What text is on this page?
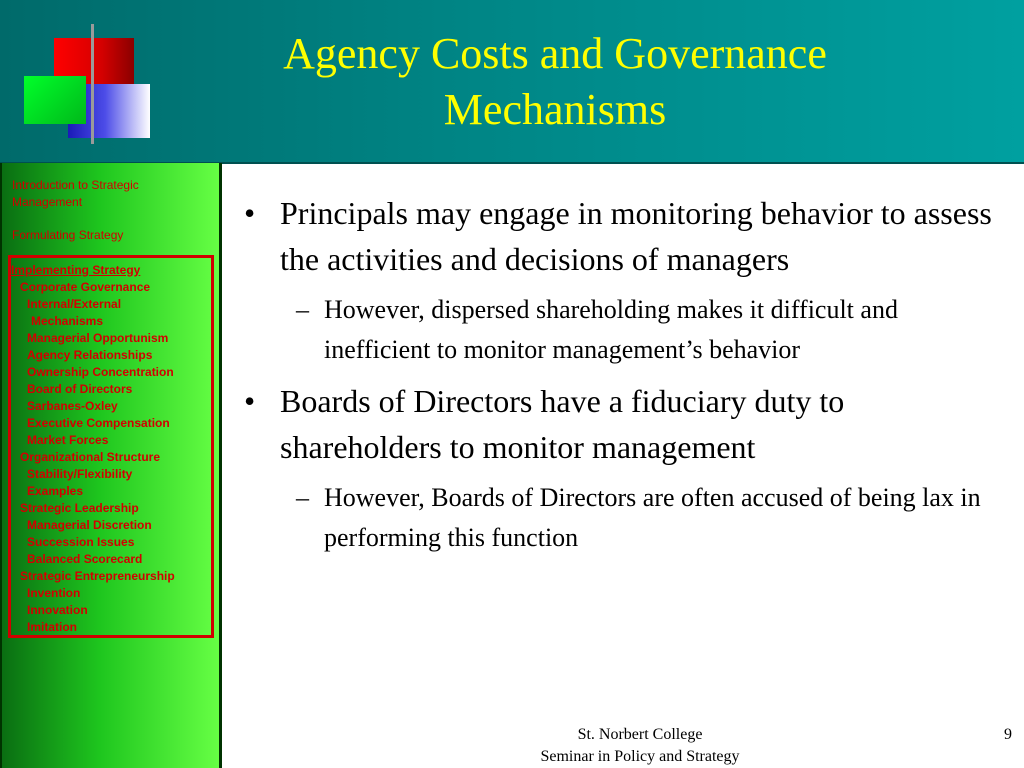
Agency Costs and Governance
Mechanisms
Introduction to Strategic
Management
Formulating Strategy
Implementing Strategy
Corporate Governance
Internal/External
Mechanisms
Managerial Opportunism
Agency Relationships
Ownership Concentration
Board of Directors
Sarbanes-Oxley
Executive Compensation
Market Forces
Organizational Structure
Stability/Flexibility
Examples
Strategic Leadership
Managerial Discretion
Succession Issues
Balanced Scorecard
Strategic Entrepreneurship
Invention
Innovation
Imitation

• Principals may engage in monitoring behavior to assess the activities and decisions of managers

– However, dispersed shareholding makes it difficult and inefficient to monitor management’s behavior

• Boards of Directors have a fiduciary duty to shareholders to monitor management

– However, Boards of Directors are often accused of being lax in performing this function

St. Norbert College
Seminar in Policy and Strategy
9
